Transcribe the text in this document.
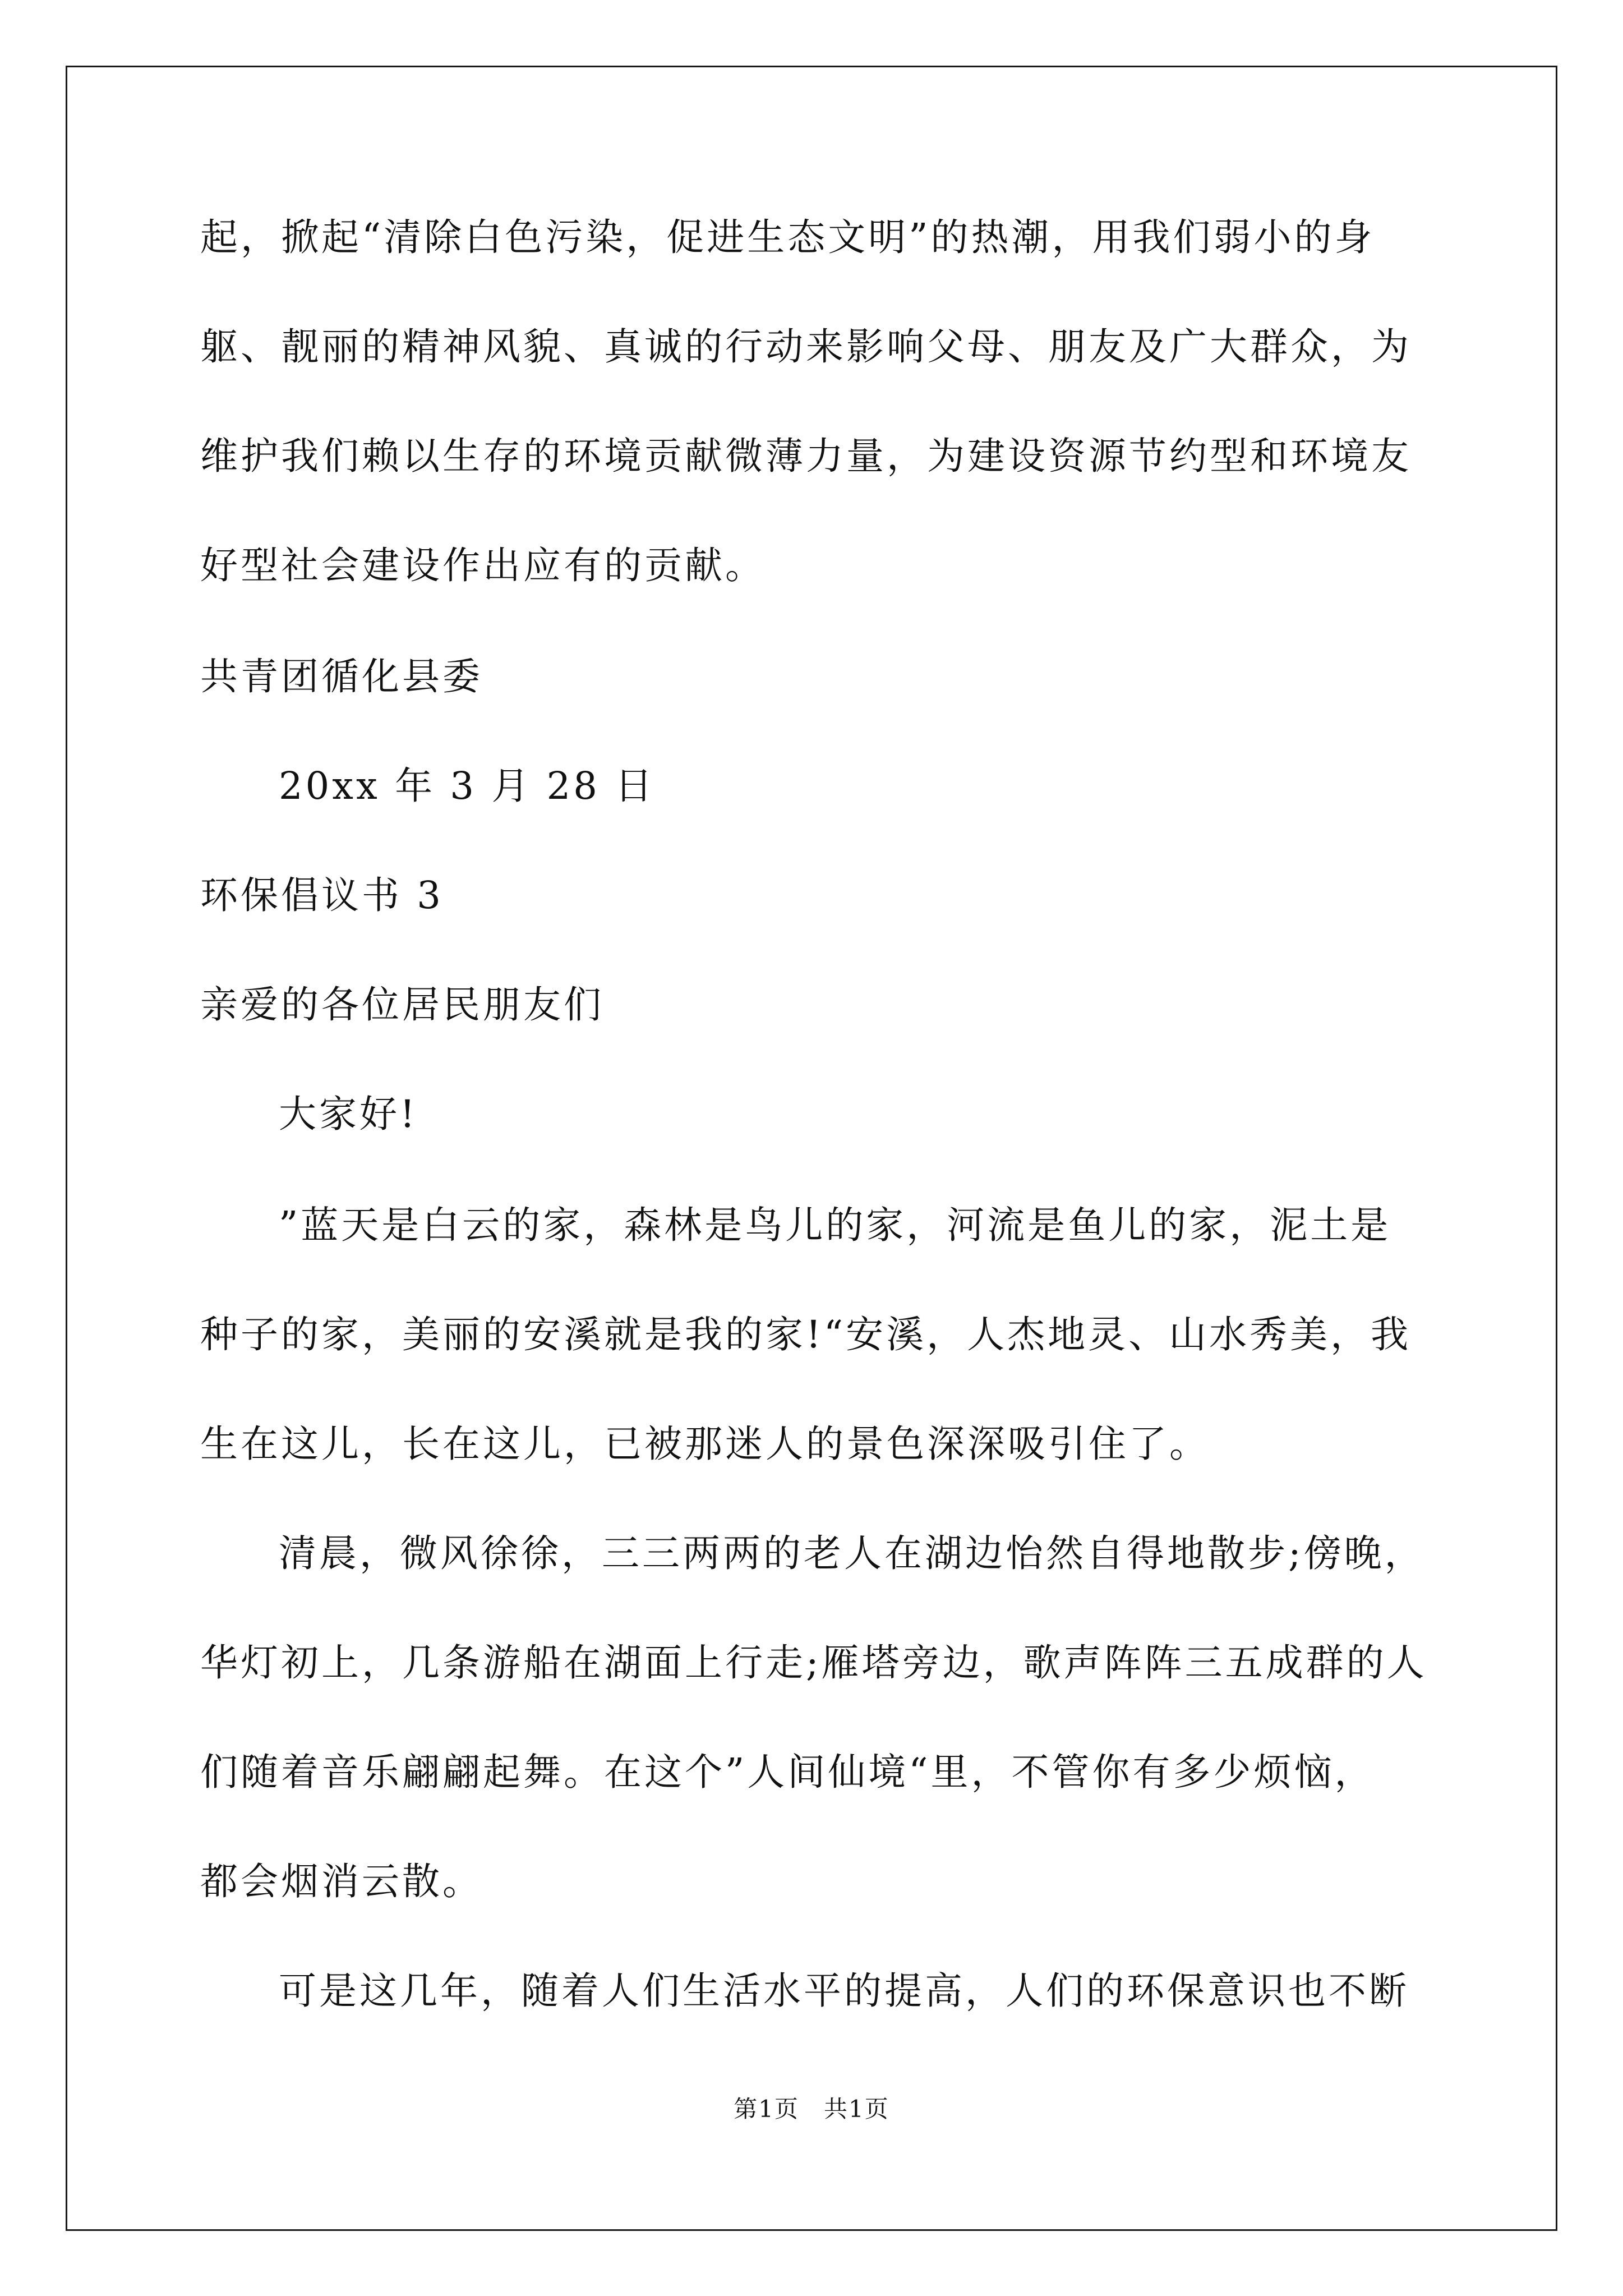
起，掀起“清除白色污染，促进生态文明”的热潮，用我们弱小的身
躯、靓丽的精神风貌、真诚的行动来影响父母、朋友及广大群众，为
维护我们赖以生存的环境贡献微薄力量，为建设资源节约型和环境友
好型社会建设作出应有的贡献。
共青团循化县委
20xx 年 3 月 28 日
环保倡议书 3
亲爱的各位居民朋友们
大家好!
”蓝天是白云的家，森林是鸟儿的家，河流是鱼儿的家，泥土是
种子的家，美丽的安溪就是我的家!“安溪，人杰地灵、山水秀美，我
生在这儿，长在这儿，已被那迷人的景色深深吸引住了。
清晨，微风徐徐，三三两两的老人在湖边怡然自得地散步;傍晚，
华灯初上，几条游船在湖面上行走;雁塔旁边，歌声阵阵三五成群的人
们随着音乐翩翩起舞。在这个”人间仙境“里，不管你有多少烦恼，
都会烟消云散。
可是这几年，随着人们生活水平的提高，人们的环保意识也不断
第1页　共1页
